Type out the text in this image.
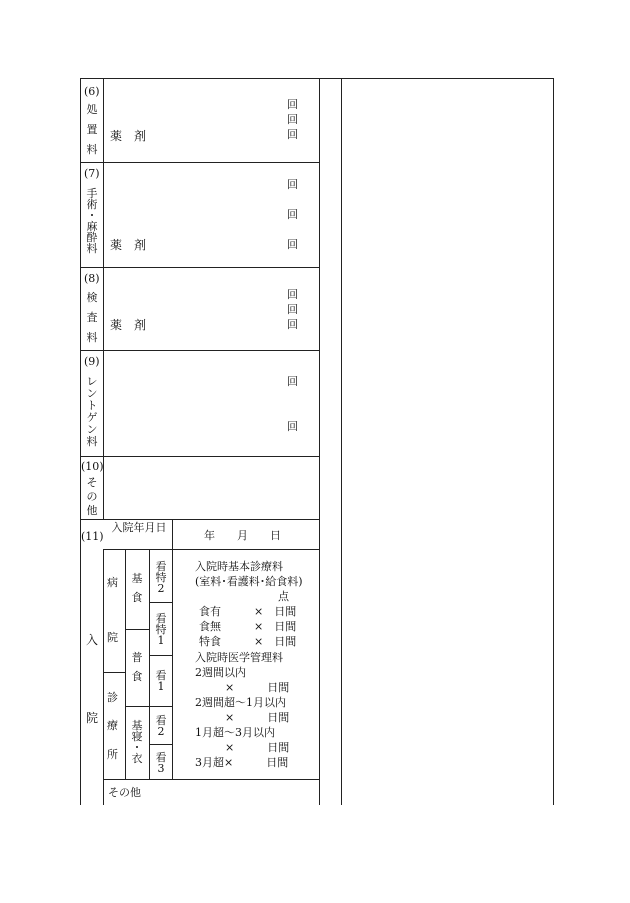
(6)
処
置
料
薬　剤
回
回
回
(7)
手
術
・
麻
酔
料 薬　剤
回
回
回
(8)
検
査
料
薬　剤
回
回
回
(9)
レ
ン
ト
ゲ
ン
料
回
回
(10)
そ
の
他
(11)
入
院
入院年月日
年　　月　　日
病
院
診
療
所
基
食
普
食
基
寝
・
衣
看
特
2
看
特
1
看
1
看
2
看
3
入院時基本診療料
(室料･看護料･給食料)
点
食有　　　×　日間
食無　　　×　日間
特食　　　×　日間
入院時医学管理料
2週間以内
×　　　日間
2週間超～1月以内
×　　　日間
1月超～3月以内
×　　　日間
3月超×　　　日間
その他
